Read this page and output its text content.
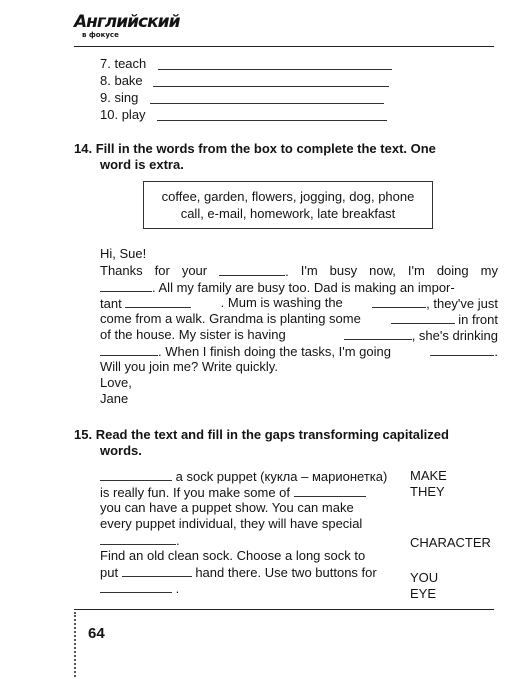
Английский
в фокусе
7. teach
8. bake
9. sing
10. play
14. Fill in the words from the box to complete the text. One
word is extra.
coffee, garden, flowers, jogging, dog, phone
call, e-mail, homework, late breakfast
Hi, Sue!
Thanks for your	. I'm busy now, I'm doing my
. All my family are busy too. Dad is making an impor-
tant	. Mum is washing the	, they've just
come from a walk. Grandma is planting some	in front
of the house. My sister is having	, she's drinking
. When I finish doing the tasks, I'm going	.
Will you join me? Write quickly.
Love,
Jane
15. Read the text and fill in the gaps transforming capitalized
words.
a sock puppet (кукла – марионетка)
is really fun. If you make some of
you can have a puppet show. You can make
every puppet individual, they will have special
.
Find an old clean sock. Choose a long sock to
put	hand there. Use two buttons for
.
MAKE
THEY
CHARACTER
YOU
EYE
64
